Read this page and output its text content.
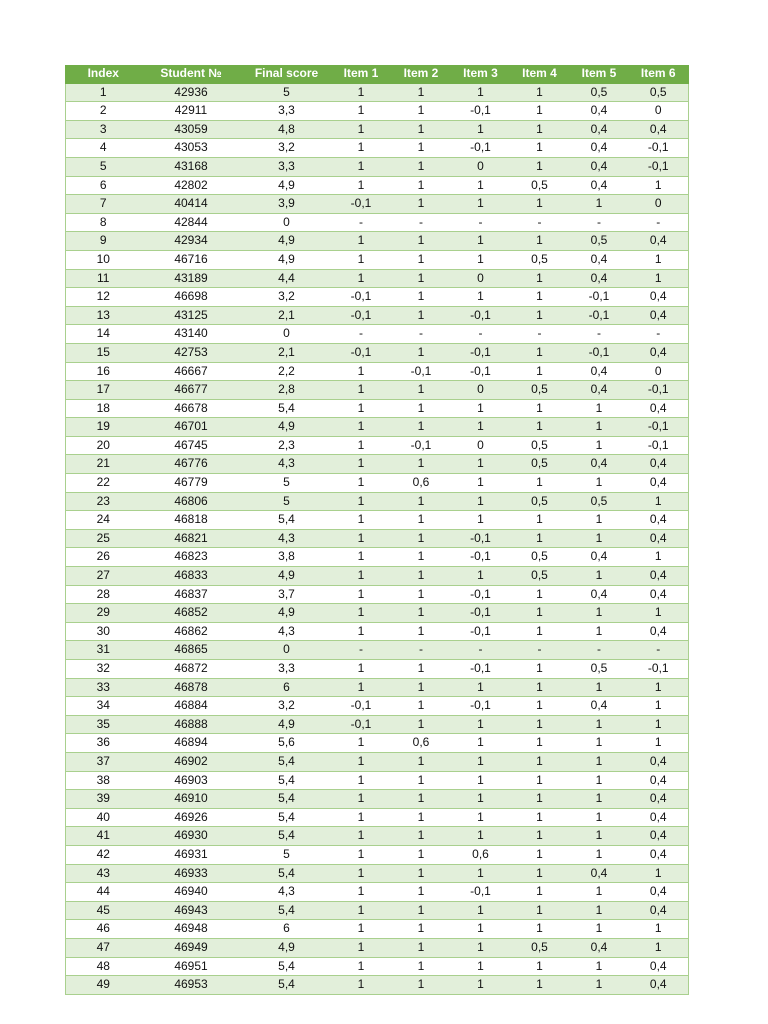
Index	Student №	Final score	Item 1	Item 2	Item 3	Item 4	Item 5	Item 6
1	42936	5	1	1	1	1	0,5	0,5
2	42911	3,3	1	1	-0,1	1	0,4	0
3	43059	4,8	1	1	1	1	0,4	0,4
4	43053	3,2	1	1	-0,1	1	0,4	-0,1
5	43168	3,3	1	1	0	1	0,4	-0,1
6	42802	4,9	1	1	1	0,5	0,4	1
7	40414	3,9	-0,1	1	1	1	1	0
8	42844	0	-	-	-	-	-	-
9	42934	4,9	1	1	1	1	0,5	0,4
10	46716	4,9	1	1	1	0,5	0,4	1
11	43189	4,4	1	1	0	1	0,4	1
12	46698	3,2	-0,1	1	1	1	-0,1	0,4
13	43125	2,1	-0,1	1	-0,1	1	-0,1	0,4
14	43140	0	-	-	-	-	-	-
15	42753	2,1	-0,1	1	-0,1	1	-0,1	0,4
16	46667	2,2	1	-0,1	-0,1	1	0,4	0
17	46677	2,8	1	1	0	0,5	0,4	-0,1
18	46678	5,4	1	1	1	1	1	0,4
19	46701	4,9	1	1	1	1	1	-0,1
20	46745	2,3	1	-0,1	0	0,5	1	-0,1
21	46776	4,3	1	1	1	0,5	0,4	0,4
22	46779	5	1	0,6	1	1	1	0,4
23	46806	5	1	1	1	0,5	0,5	1
24	46818	5,4	1	1	1	1	1	0,4
25	46821	4,3	1	1	-0,1	1	1	0,4
26	46823	3,8	1	1	-0,1	0,5	0,4	1
27	46833	4,9	1	1	1	0,5	1	0,4
28	46837	3,7	1	1	-0,1	1	0,4	0,4
29	46852	4,9	1	1	-0,1	1	1	1
30	46862	4,3	1	1	-0,1	1	1	0,4
31	46865	0	-	-	-	-	-	-
32	46872	3,3	1	1	-0,1	1	0,5	-0,1
33	46878	6	1	1	1	1	1	1
34	46884	3,2	-0,1	1	-0,1	1	0,4	1
35	46888	4,9	-0,1	1	1	1	1	1
36	46894	5,6	1	0,6	1	1	1	1
37	46902	5,4	1	1	1	1	1	0,4
38	46903	5,4	1	1	1	1	1	0,4
39	46910	5,4	1	1	1	1	1	0,4
40	46926	5,4	1	1	1	1	1	0,4
41	46930	5,4	1	1	1	1	1	0,4
42	46931	5	1	1	0,6	1	1	0,4
43	46933	5,4	1	1	1	1	0,4	1
44	46940	4,3	1	1	-0,1	1	1	0,4
45	46943	5,4	1	1	1	1	1	0,4
46	46948	6	1	1	1	1	1	1
47	46949	4,9	1	1	1	0,5	0,4	1
48	46951	5,4	1	1	1	1	1	0,4
49	46953	5,4	1	1	1	1	1	0,4
